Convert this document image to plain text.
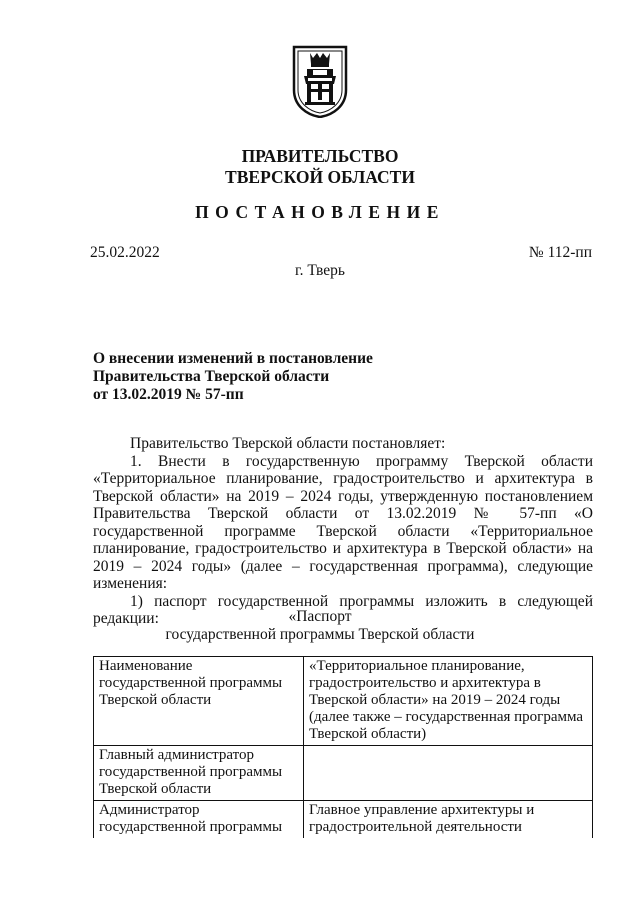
ПРАВИТЕЛЬСТВО
ТВЕРСКОЙ ОБЛАСТИ
ПОСТАНОВЛЕНИЕ
25.02.2022	№ 112-пп
г. Тверь
О внесении изменений в постановление
Правительства Тверской области
от 13.02.2019 № 57-пп

Правительство Тверской области постановляет:

1. Внести в государственную программу Тверской области «Территориальное планирование, градостроительство и архитектура в Тверской области» на 2019 – 2024 годы, утвержденную постановлением Правительства Тверской области от 13.02.2019 № 57-пп «О государственной программе Тверской области «Территориальное планирование, градостроительство и архитектура в Тверской области» на 2019 – 2024 годы» (далее – государственная программа), следующие изменения:

1) паспорт государственной программы изложить в следующей редакции:	«Паспорт
государственной программы Тверской области
Наименование государственной программы Тверской области	«Территориальное планирование, градостроительство и архитектура в Тверской области» на 2019 – 2024 годы (далее также – государственная программа Тверской области)
Главный администратор государственной программы Тверской области	
Администратор государственной программы	Главное управление архитектуры и градостроительной деятельности
